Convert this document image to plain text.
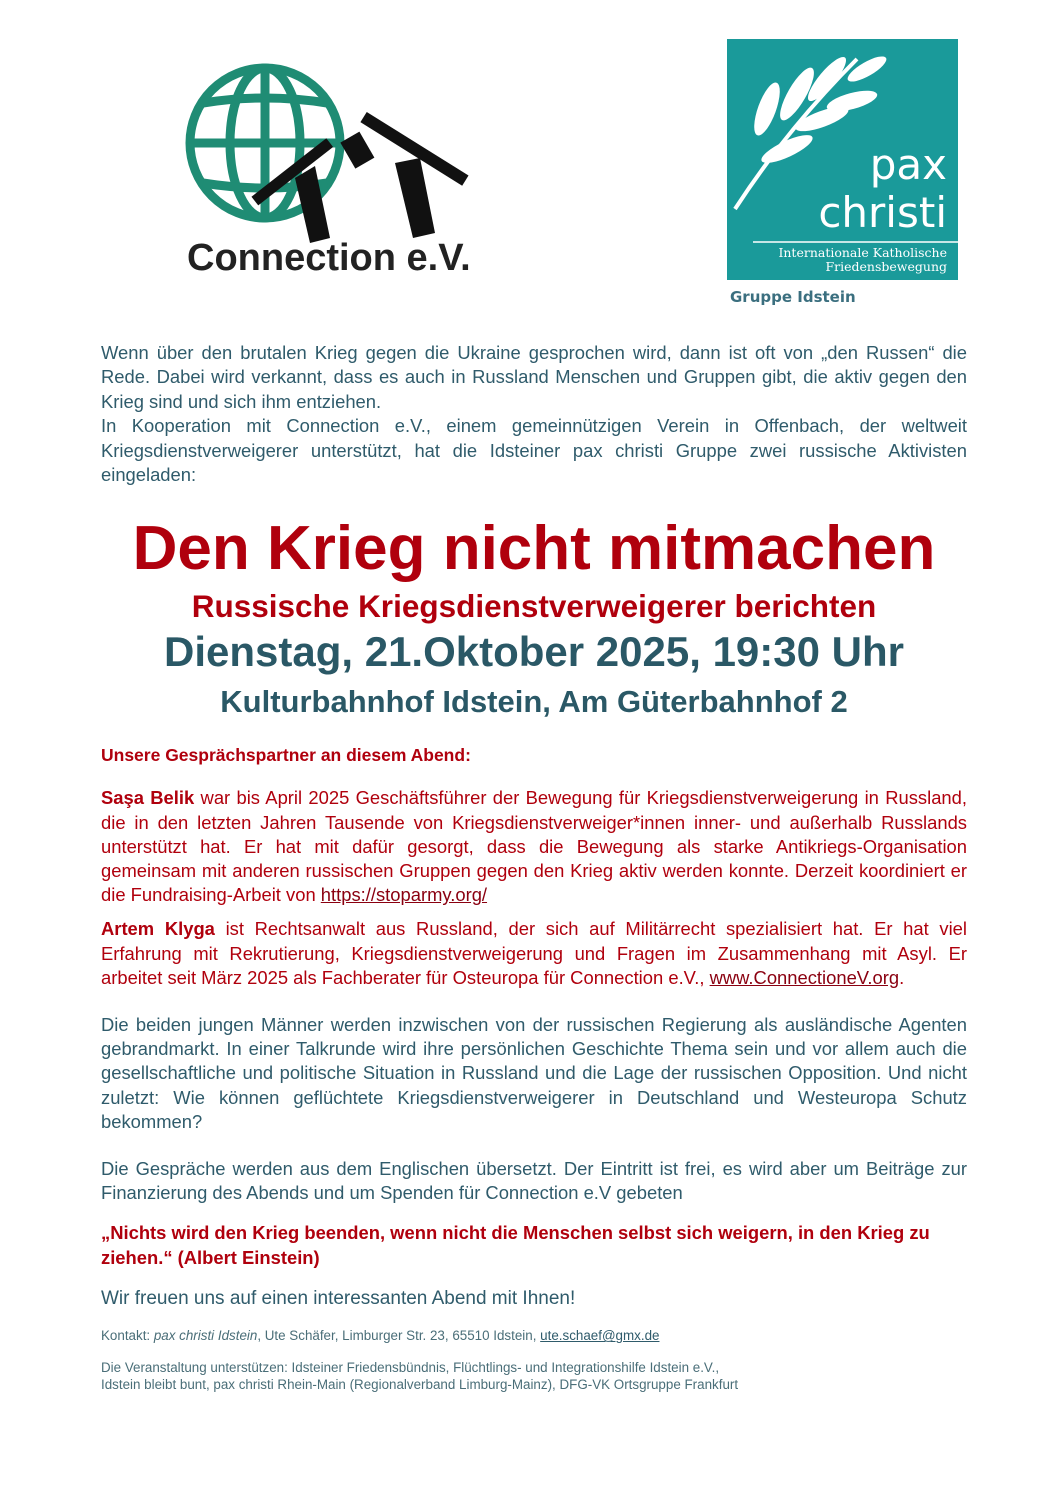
Connection e.V.
pax
christi
Internationale Katholische
Friedensbewegung
Gruppe Idstein

Wenn über den brutalen Krieg gegen die Ukraine gesprochen wird, dann ist oft von „den Russen“ die Rede. Dabei wird verkannt, dass es auch in Russland Menschen und Gruppen gibt, die aktiv gegen den Krieg sind und sich ihm entziehen.
In Kooperation mit Connection e.V., einem gemeinnützigen Verein in Offenbach, der weltweit Kriegsdienstverweigerer unterstützt, hat die Idsteiner pax christi Gruppe zwei russische Aktivisten eingeladen:

Den Krieg nicht mitmachen
Russische Kriegsdienstverweigerer berichten
Dienstag, 21.Oktober 2025, 19:30 Uhr
Kulturbahnhof Idstein, Am Güterbahnhof 2
Unsere Gesprächspartner an diesem Abend:

Saşa Belik war bis April 2025 Geschäftsführer der Bewegung für Kriegsdienstverweigerung in Russland, die in den letzten Jahren Tausende von Kriegsdienstverweiger*innen inner- und außerhalb Russlands unterstützt hat. Er hat mit dafür gesorgt, dass die Bewegung als starke Antikriegs-Organisation gemeinsam mit anderen russischen Gruppen gegen den Krieg aktiv werden konnte. Derzeit koordiniert er die Fundraising-Arbeit von https://stoparmy.org/

Artem Klyga ist Rechtsanwalt aus Russland, der sich auf Militärrecht spezialisiert hat. Er hat viel Erfahrung mit Rekrutierung, Kriegsdienstverweigerung und Fragen im Zusammenhang mit Asyl. Er arbeitet seit März 2025 als Fachberater für Osteuropa für Connection e.V., www.ConnectioneV.org.

Die beiden jungen Männer werden inzwischen von der russischen Regierung als ausländische Agenten gebrandmarkt. In einer Talkrunde wird ihre persönlichen Geschichte Thema sein und vor allem auch die gesellschaftliche und politische Situation in Russland und die Lage der russischen Opposition. Und nicht zuletzt: Wie können geflüchtete Kriegsdienstverweigerer in Deutschland und Westeuropa Schutz bekommen?

Die Gespräche werden aus dem Englischen übersetzt. Der Eintritt ist frei, es wird aber um Beiträge zur Finanzierung des Abends und um Spenden für Connection e.V gebeten

„Nichts wird den Krieg beenden, wenn nicht die Menschen selbst sich weigern, in den Krieg zu ziehen.“ (Albert Einstein)

Wir freuen uns auf einen interessanten Abend mit Ihnen!

Kontakt: pax christi Idstein, Ute Schäfer, Limburger Str. 23, 65510 Idstein, ute.schaef@gmx.de

Die Veranstaltung unterstützen: Idsteiner Friedensbündnis, Flüchtlings- und Integrationshilfe Idstein e.V.,
Idstein bleibt bunt, pax christi Rhein-Main (Regionalverband Limburg-Mainz), DFG-VK Ortsgruppe Frankfurt
